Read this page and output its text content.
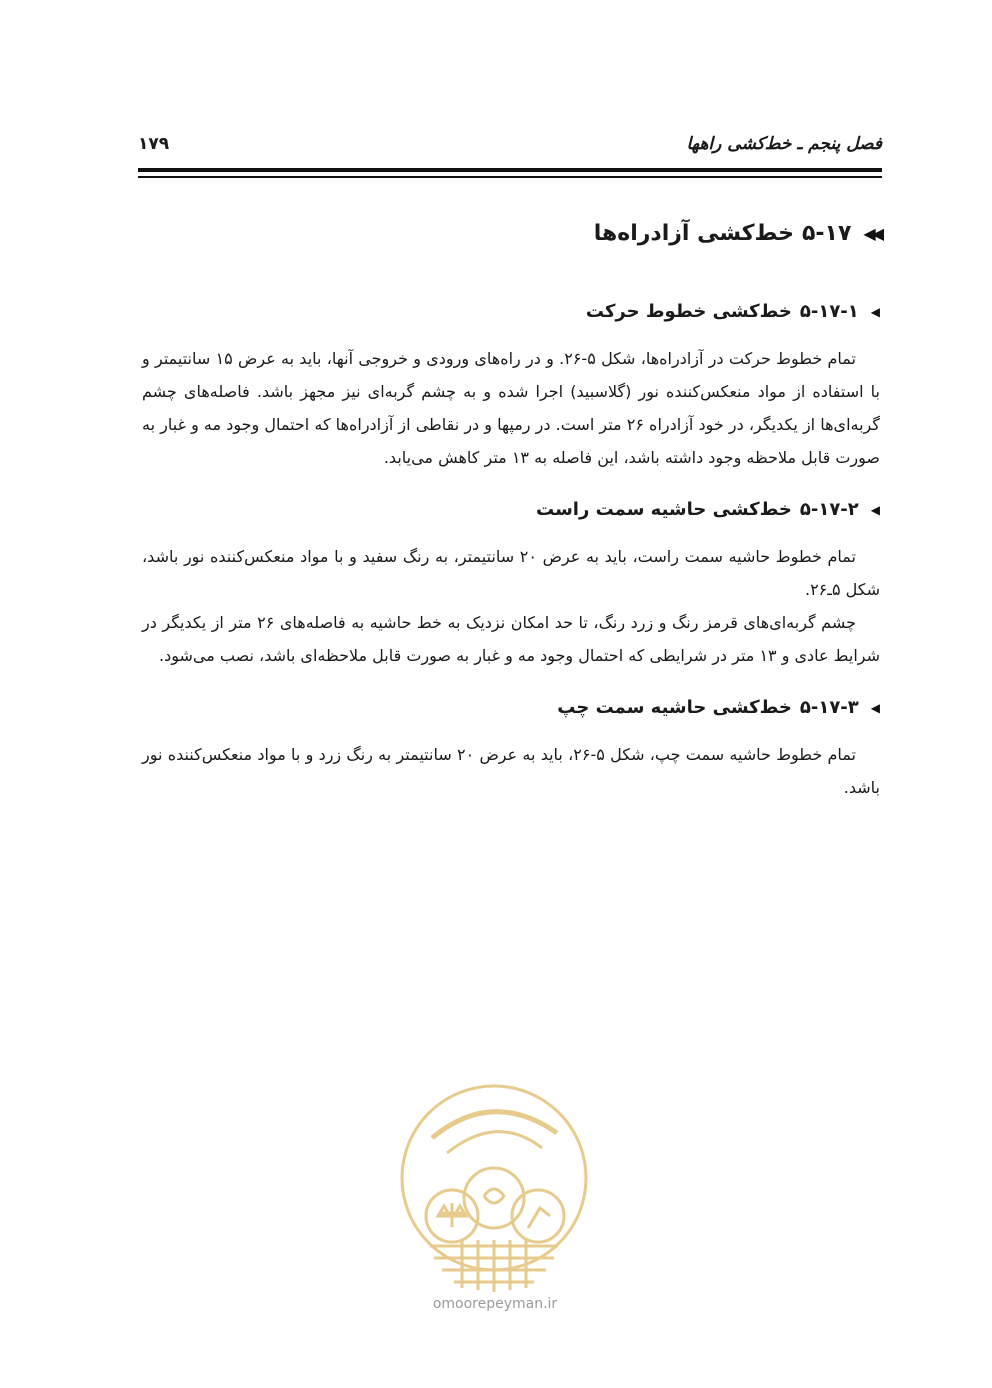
فصل پنجم ـ خط‌کشی راهها
۱۷۹
◀◀
۵-۱۷
خط‌کشی آزادراه‌ها
◀
۵-۱۷-۱
خط‌کشی خطوط حرکت

تمام خطوط حرکت در آزادراه‌ها، شکل ۵-۲۶. و در راه‌های ورودی و خروجی آنها، باید به عرض ۱۵ سانتیمتر و با استفاده از مواد منعکس‌کننده نور (گلاسبید) اجرا شده و به چشم گربه‌ای نیز مجهز باشد. فاصله‌های چشم گربه‌ای‌ها از یکدیگر، در خود آزادراه ۲۶ متر است. در رمپها و در نقاطی از آزادراه‌ها که احتمال وجود مه و غبار به صورت قابل ملاحظه وجود داشته باشد، این فاصله به ۱۳ متر کاهش می‌یابد.

◀
۵-۱۷-۲
خط‌کشی حاشیه سمت راست

تمام خطوط حاشیه سمت راست، باید به عرض ۲۰ سانتیمتر، به رنگ سفید و با مواد منعکس‌کننده نور باشد، شکل ۵ـ۲۶.

چشم گربه‌ای‌های قرمز رنگ و زرد رنگ، تا حد امکان نزدیک به خط حاشیه به فاصله‌های ۲۶ متر از یکدیگر در شرایط عادی و ۱۳ متر در شرایطی که احتمال وجود مه و غبار به صورت قابل ملاحظه‌ای باشد، نصب می‌شود.

◀
۵-۱۷-۳
خط‌کشی حاشیه سمت چپ

تمام خطوط حاشیه سمت چپ، شکل ۵-۲۶، باید به عرض ۲۰ سانتیمتر به رنگ زرد و با مواد منعکس‌کننده نور باشد.

omoorepeyman.ir
